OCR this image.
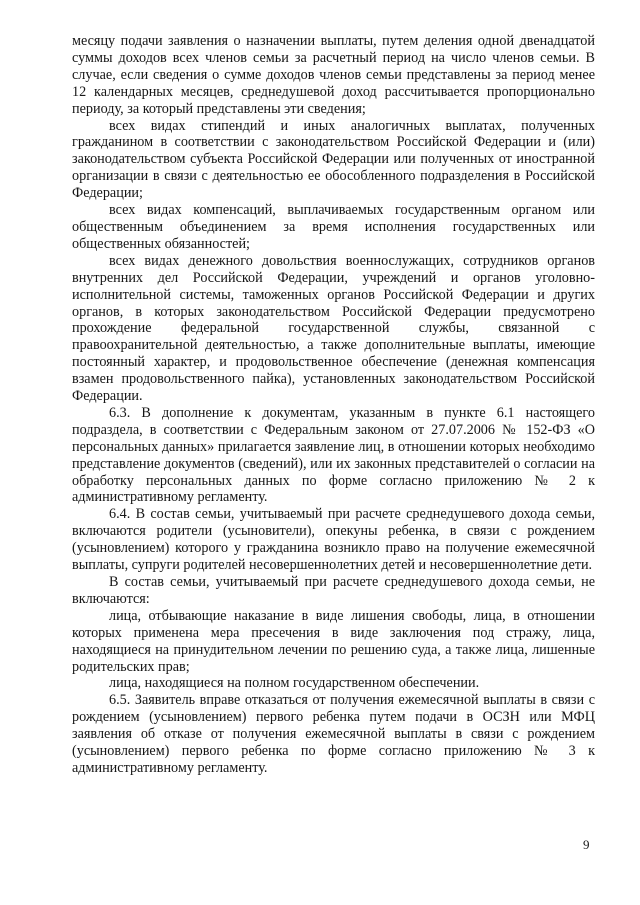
месяцу подачи заявления о назначении выплаты, путем деления одной двенадцатой суммы доходов всех членов семьи за расчетный период на число членов семьи. В случае, если сведения о сумме доходов членов семьи представлены за период менее 12 календарных месяцев, среднедушевой доход рассчитывается пропорционально периоду, за который представлены эти сведения;

всех видах стипендий и иных аналогичных выплатах, полученных гражданином в соответствии с законодательством Российской Федерации и (или) законодательством субъекта Российской Федерации или полученных от иностранной организации в связи с деятельностью ее обособленного подразделения в Российской Федерации;

всех видах компенсаций, выплачиваемых государственным органом или общественным объединением за время исполнения государственных или общественных обязанностей;

всех видах денежного довольствия военнослужащих, сотрудников органов внутренних дел Российской Федерации, учреждений и органов уголовно-исполнительной системы, таможенных органов Российской Федерации и других органов, в которых законодательством Российской Федерации предусмотрено прохождение федеральной государственной службы, связанной с правоохранительной деятельностью, а также дополнительные выплаты, имеющие постоянный характер, и продовольственное обеспечение (денежная компенсация взамен продовольственного пайка), установленных законодательством Российской Федерации.

6.3. В дополнение к документам, указанным в пункте 6.1 настоящего подраздела, в соответствии с Федеральным законом от 27.07.2006 № 152-ФЗ «О персональных данных» прилагается заявление лиц, в отношении которых необходимо представление документов (сведений), или их законных представителей о согласии на обработку персональных данных по форме согласно приложению № 2 к административному регламенту.

6.4. В состав семьи, учитываемый при расчете среднедушевого дохода семьи, включаются родители (усыновители), опекуны ребенка, в связи с рождением (усыновлением) которого у гражданина возникло право на получение ежемесячной выплаты, супруги родителей несовершеннолетних детей и несовершеннолетние дети.

В состав семьи, учитываемый при расчете среднедушевого дохода семьи, не включаются:

лица, отбывающие наказание в виде лишения свободы, лица, в отношении которых применена мера пресечения в виде заключения под стражу, лица, находящиеся на принудительном лечении по решению суда, а также лица, лишенные родительских прав;

лица, находящиеся на полном государственном обеспечении.

6.5. Заявитель вправе отказаться от получения ежемесячной выплаты в связи с рождением (усыновлением) первого ребенка путем подачи в ОСЗН или МФЦ заявления об отказе от получения ежемесячной выплаты в связи с рождением (усыновлением) первого ребенка по форме согласно приложению № 3 к административному регламенту.

9
